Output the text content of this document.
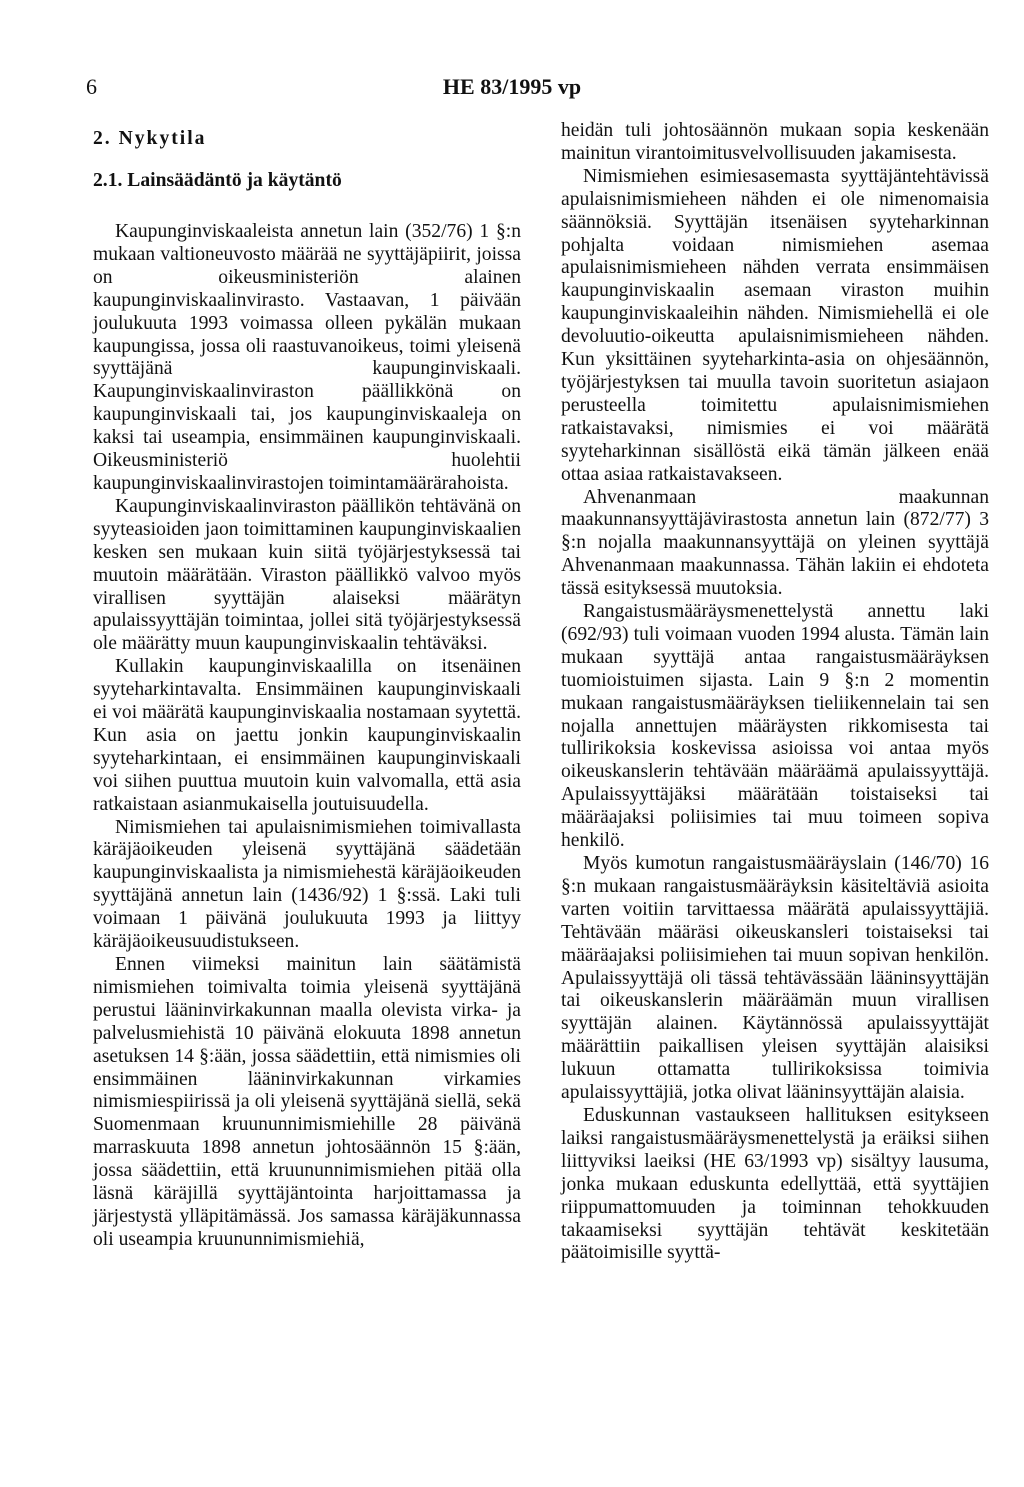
6	HE 83/1995 vp
2. Nykytila
2.1. Lainsäädäntö ja käytäntö

Kaupunginviskaaleista annetun lain (352/76) 1 §:n mukaan valtioneuvosto määrää ne syyttäjäpiirit, joissa on oikeusministeriön alainen kaupunginviskaalinvirasto. Vastaavan, 1 päivään joulukuuta 1993 voimassa olleen pykälän mukaan kaupungissa, jossa oli raastuvanoikeus, toimi yleisenä syyttäjänä kaupunginviskaali. Kaupunginviskaalinviraston päällikkönä on kaupunginviskaali tai, jos kaupunginviskaaleja on kaksi tai useampia, ensimmäinen kaupunginviskaali. Oikeusministeriö huolehtii kaupunginviskaalinvirastojen toimintamäärärahoista.

Kaupunginviskaalinviraston päällikön tehtävänä on syyteasioiden jaon toimittaminen kaupunginviskaalien kesken sen mukaan kuin siitä työjärjestyksessä tai muutoin määrätään. Viraston päällikkö valvoo myös virallisen syyttäjän alaiseksi määrätyn apulaissyyttäjän toimintaa, jollei sitä työjärjestyksessä ole määrätty muun kaupunginviskaalin tehtäväksi.

Kullakin kaupunginviskaalilla on itsenäinen syyteharkintavalta. Ensimmäinen kaupunginviskaali ei voi määrätä kaupunginviskaalia nostamaan syytettä. Kun asia on jaettu jonkin kaupunginviskaalin syyteharkintaan, ei ensimmäinen kaupunginviskaali voi siihen puuttua muutoin kuin valvomalla, että asia ratkaistaan asianmukaisella joutuisuudella.

Nimismiehen tai apulaisnimismiehen toimivallasta käräjäoikeuden yleisenä syyttäjänä säädetään kaupunginviskaalista ja nimismiehestä käräjäoikeuden syyttäjänä annetun lain (1436/92) 1 §:ssä. Laki tuli voimaan 1 päivänä joulukuuta 1993 ja liittyy käräjäoikeusuudistukseen.

Ennen viimeksi mainitun lain säätämistä nimismiehen toimivalta toimia yleisenä syyttäjänä perustui lääninvirkakunnan maalla olevista virka- ja palvelusmiehistä 10 päivänä elokuuta 1898 annetun asetuksen 14 §:ään, jossa säädettiin, että nimismies oli ensimmäinen lääninvirkakunnan virkamies nimismiespiirissä ja oli yleisenä syyttäjänä siellä, sekä Suomenmaan kruununnimismiehille 28 päivänä marraskuuta 1898 annetun johtosäännön 15 §:ään, jossa säädettiin, että kruununnimismiehen pitää olla läsnä käräjillä syyttäjäntointa harjoittamassa ja järjestystä ylläpitämässä. Jos samassa käräjäkunnassa oli useampia kruununnimismiehiä,

heidän tuli johtosäännön mukaan sopia keskenään mainitun virantoimitusvelvollisuuden jakamisesta.

Nimismiehen esimiesasemasta syyttäjäntehtävissä apulaisnimismieheen nähden ei ole nimenomaisia säännöksiä. Syyttäjän itsenäisen syyteharkinnan pohjalta voidaan nimismiehen asemaa apulaisnimismieheen nähden verrata ensimmäisen kaupunginviskaalin asemaan viraston muihin kaupunginviskaaleihin nähden. Nimismiehellä ei ole devoluutio-oikeutta apulaisnimismieheen nähden. Kun yksittäinen syyteharkinta-asia on ohjesäännön, työjärjestyksen tai muulla tavoin suoritetun asiajaon perusteella toimitettu apulaisnimismiehen ratkaistavaksi, nimismies ei voi määrätä syyteharkinnan sisällöstä eikä tämän jälkeen enää ottaa asiaa ratkaistavakseen.

Ahvenanmaan maakunnan maakunnansyyttäjävirastosta annetun lain (872/77) 3 §:n nojalla maakunnansyyttäjä on yleinen syyttäjä Ahvenanmaan maakunnassa. Tähän lakiin ei ehdoteta tässä esityksessä muutoksia.

Rangaistusmääräysmenettelystä annettu laki (692/93) tuli voimaan vuoden 1994 alusta. Tämän lain mukaan syyttäjä antaa rangaistusmääräyksen tuomioistuimen sijasta. Lain 9 §:n 2 momentin mukaan rangaistusmääräyksen tieliikennelain tai sen nojalla annettujen määräysten rikkomisesta tai tullirikoksia koskevissa asioissa voi antaa myös oikeuskanslerin tehtävään määräämä apulaissyyttäjä. Apulaissyyttäjäksi määrätään toistaiseksi tai määräajaksi poliisimies tai muu toimeen sopiva henkilö.

Myös kumotun rangaistusmääräyslain (146/70) 16 §:n mukaan rangaistusmääräyksin käsiteltäviä asioita varten voitiin tarvittaessa määrätä apulaissyyttäjiä. Tehtävään määräsi oikeuskansleri toistaiseksi tai määräajaksi poliisimiehen tai muun sopivan henkilön. Apulaissyyttäjä oli tässä tehtävässään lääninsyyttäjän tai oikeuskanslerin määräämän muun virallisen syyttäjän alainen. Käytännössä apulaissyyttäjät määrättiin paikallisen yleisen syyttäjän alaisiksi lukuun ottamatta tullirikoksissa toimivia apulaissyyttäjiä, jotka olivat lääninsyyttäjän alaisia.

Eduskunnan vastaukseen hallituksen esitykseen laiksi rangaistusmääräysmenettelystä ja eräiksi siihen liittyviksi laeiksi (HE 63/1993 vp) sisältyy lausuma, jonka mukaan eduskunta edellyttää, että syyttäjien riippumattomuuden ja toiminnan tehokkuuden takaamiseksi syyttäjän tehtävät keskitetään päätoimisille syyttä-
